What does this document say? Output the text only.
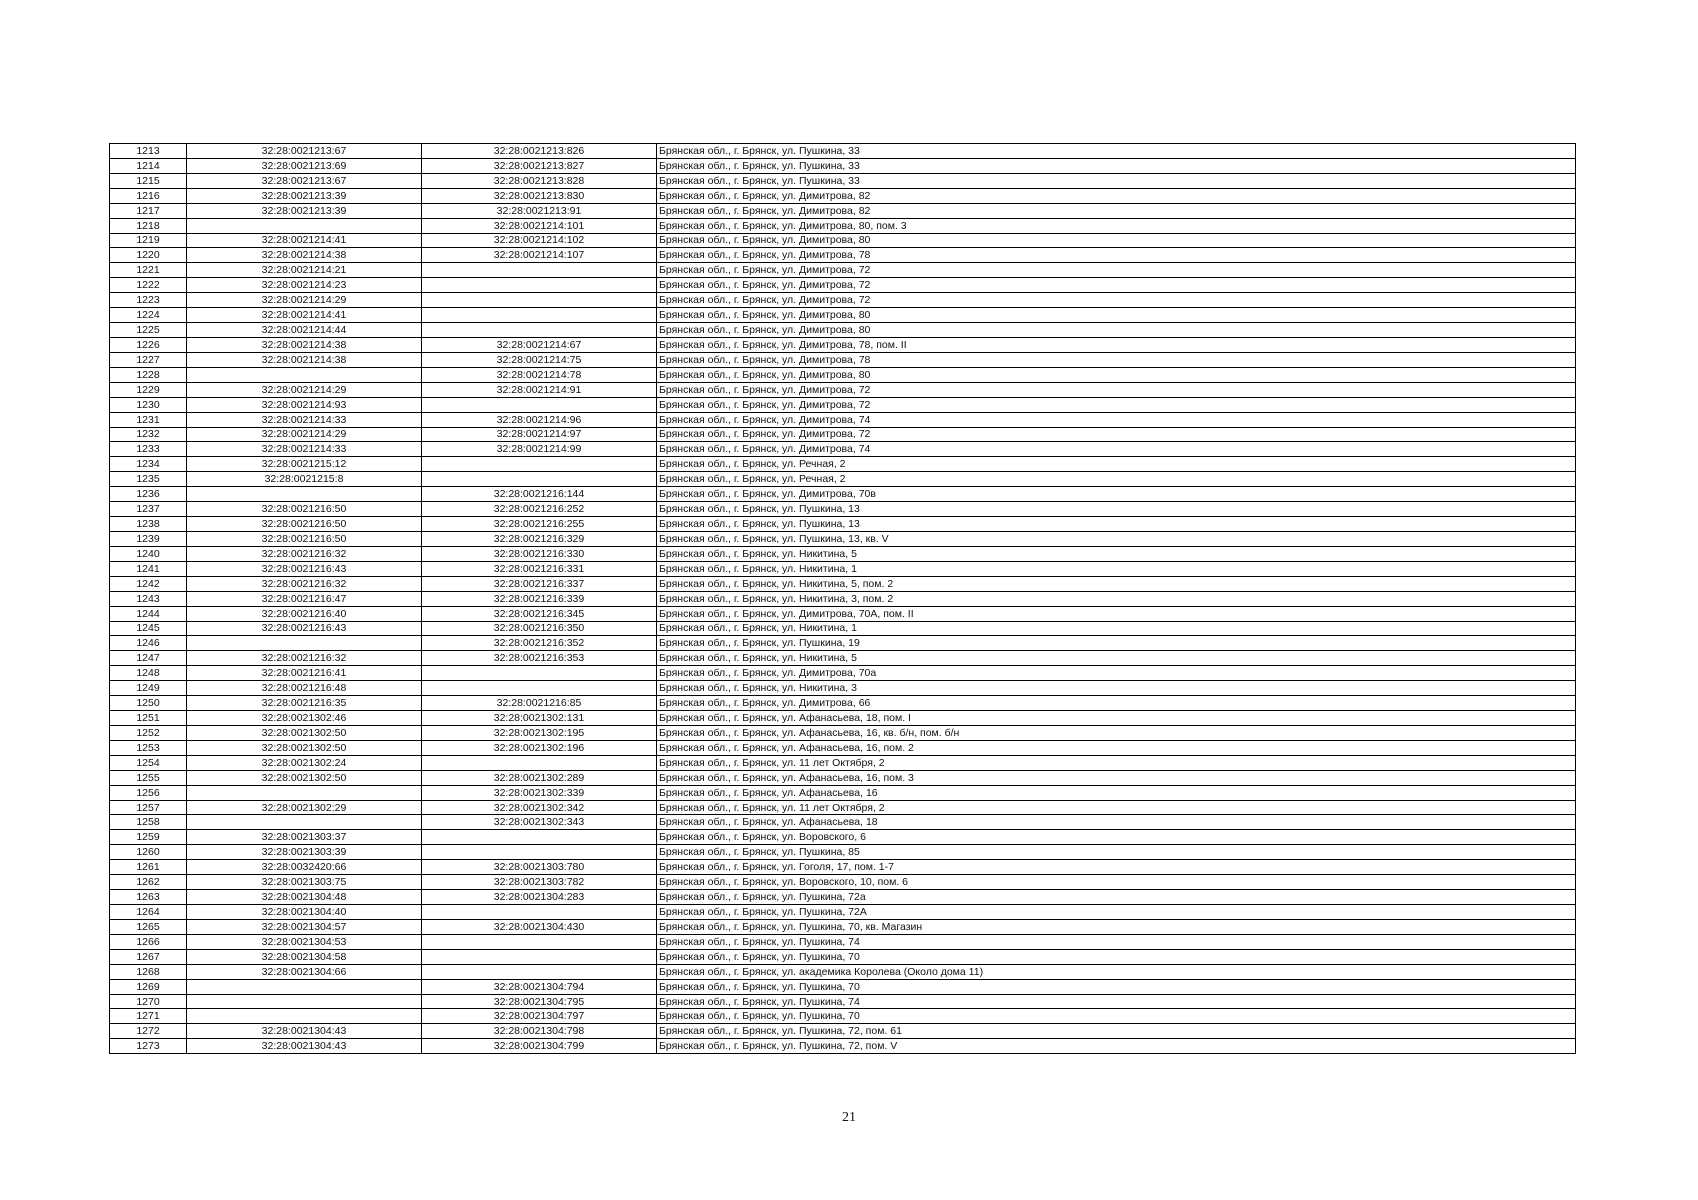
1213	32:28:0021213:67	32:28:0021213:826	Брянская обл., г. Брянск, ул. Пушкина, 33
1214	32:28:0021213:69	32:28:0021213:827	Брянская обл., г. Брянск, ул. Пушкина, 33
1215	32:28:0021213:67	32:28:0021213:828	Брянская обл., г. Брянск, ул. Пушкина, 33
1216	32:28:0021213:39	32:28:0021213:830	Брянская обл., г. Брянск, ул. Димитрова, 82
1217	32:28:0021213:39	32:28:0021213:91	Брянская обл., г. Брянск, ул. Димитрова, 82
1218		32:28:0021214:101	Брянская обл., г. Брянск, ул. Димитрова, 80, пом. 3
1219	32:28:0021214:41	32:28:0021214:102	Брянская обл., г. Брянск, ул. Димитрова, 80
1220	32:28:0021214:38	32:28:0021214:107	Брянская обл., г. Брянск, ул. Димитрова, 78
1221	32:28:0021214:21		Брянская обл., г. Брянск, ул. Димитрова, 72
1222	32:28:0021214:23		Брянская обл., г. Брянск, ул. Димитрова, 72
1223	32:28:0021214:29		Брянская обл., г. Брянск, ул. Димитрова, 72
1224	32:28:0021214:41		Брянская обл., г. Брянск, ул. Димитрова, 80
1225	32:28:0021214:44		Брянская обл., г. Брянск, ул. Димитрова, 80
1226	32:28:0021214:38	32:28:0021214:67	Брянская обл., г. Брянск, ул. Димитрова, 78, пом. II
1227	32:28:0021214:38	32:28:0021214:75	Брянская обл., г. Брянск, ул. Димитрова, 78
1228		32:28:0021214:78	Брянская обл., г. Брянск, ул. Димитрова, 80
1229	32:28:0021214:29	32:28:0021214:91	Брянская обл., г. Брянск, ул. Димитрова, 72
1230	32:28:0021214:93		Брянская обл., г. Брянск, ул. Димитрова, 72
1231	32:28:0021214:33	32:28:0021214:96	Брянская обл., г. Брянск, ул. Димитрова, 74
1232	32:28:0021214:29	32:28:0021214:97	Брянская обл., г. Брянск, ул. Димитрова, 72
1233	32:28:0021214:33	32:28:0021214:99	Брянская обл., г. Брянск, ул. Димитрова, 74
1234	32:28:0021215:12		Брянская обл., г. Брянск, ул. Речная, 2
1235	32:28:0021215:8		Брянская обл., г. Брянск, ул. Речная, 2
1236		32:28:0021216:144	Брянская обл., г. Брянск, ул. Димитрова, 70в
1237	32:28:0021216:50	32:28:0021216:252	Брянская обл., г. Брянск, ул. Пушкина, 13
1238	32:28:0021216:50	32:28:0021216:255	Брянская обл., г. Брянск, ул. Пушкина, 13
1239	32:28:0021216:50	32:28:0021216:329	Брянская обл., г. Брянск, ул. Пушкина, 13, кв. V
1240	32:28:0021216:32	32:28:0021216:330	Брянская обл., г. Брянск, ул. Никитина, 5
1241	32:28:0021216:43	32:28:0021216:331	Брянская обл., г. Брянск, ул. Никитина, 1
1242	32:28:0021216:32	32:28:0021216:337	Брянская обл., г. Брянск, ул. Никитина, 5, пом. 2
1243	32:28:0021216:47	32:28:0021216:339	Брянская обл., г. Брянск, ул. Никитина, 3, пом. 2
1244	32:28:0021216:40	32:28:0021216:345	Брянская обл., г. Брянск, ул. Димитрова, 70А, пом. II
1245	32:28:0021216:43	32:28:0021216:350	Брянская обл., г. Брянск, ул. Никитина, 1
1246		32:28:0021216:352	Брянская обл., г. Брянск, ул. Пушкина, 19
1247	32:28:0021216:32	32:28:0021216:353	Брянская обл., г. Брянск, ул. Никитина, 5
1248	32:28:0021216:41		Брянская обл., г. Брянск, ул. Димитрова, 70а
1249	32:28:0021216:48		Брянская обл., г. Брянск, ул. Никитина, 3
1250	32:28:0021216:35	32:28:0021216:85	Брянская обл., г. Брянск, ул. Димитрова, 66
1251	32:28:0021302:46	32:28:0021302:131	Брянская обл., г. Брянск, ул. Афанасьева, 18, пом. I
1252	32:28:0021302:50	32:28:0021302:195	Брянская обл., г. Брянск, ул. Афанасьева, 16, кв. б/н, пом. б/н
1253	32:28:0021302:50	32:28:0021302:196	Брянская обл., г. Брянск, ул. Афанасьева, 16, пом. 2
1254	32:28:0021302:24		Брянская обл., г. Брянск, ул. 11 лет Октября, 2
1255	32:28:0021302:50	32:28:0021302:289	Брянская обл., г. Брянск, ул. Афанасьева, 16, пом. 3
1256		32:28:0021302:339	Брянская обл., г. Брянск, ул. Афанасьева, 16
1257	32:28:0021302:29	32:28:0021302:342	Брянская обл., г. Брянск, ул. 11 лет Октября, 2
1258		32:28:0021302:343	Брянская обл., г. Брянск, ул. Афанасьева, 18
1259	32:28:0021303:37		Брянская обл., г. Брянск, ул. Воровского, 6
1260	32:28:0021303:39		Брянская обл., г. Брянск, ул. Пушкина, 85
1261	32:28:0032420:66	32:28:0021303:780	Брянская обл., г. Брянск, ул. Гоголя, 17, пом. 1-7
1262	32:28:0021303:75	32:28:0021303:782	Брянская обл., г. Брянск, ул. Воровского, 10, пом. 6
1263	32:28:0021304:48	32:28:0021304:283	Брянская обл., г. Брянск, ул. Пушкина, 72а
1264	32:28:0021304:40		Брянская обл., г. Брянск, ул. Пушкина, 72А
1265	32:28:0021304:57	32:28:0021304:430	Брянская обл., г. Брянск, ул. Пушкина, 70, кв. Магазин
1266	32:28:0021304:53		Брянская обл., г. Брянск, ул. Пушкина, 74
1267	32:28:0021304:58		Брянская обл., г. Брянск, ул. Пушкина, 70
1268	32:28:0021304:66		Брянская обл., г. Брянск, ул. академика Королева (Около дома 11)
1269		32:28:0021304:794	Брянская обл., г. Брянск, ул. Пушкина, 70
1270		32:28:0021304:795	Брянская обл., г. Брянск, ул. Пушкина, 74
1271		32:28:0021304:797	Брянская обл., г. Брянск, ул. Пушкина, 70
1272	32:28:0021304:43	32:28:0021304:798	Брянская обл., г. Брянск, ул. Пушкина, 72, пом. 61
1273	32:28:0021304:43	32:28:0021304:799	Брянская обл., г. Брянск, ул. Пушкина, 72, пом. V
21
